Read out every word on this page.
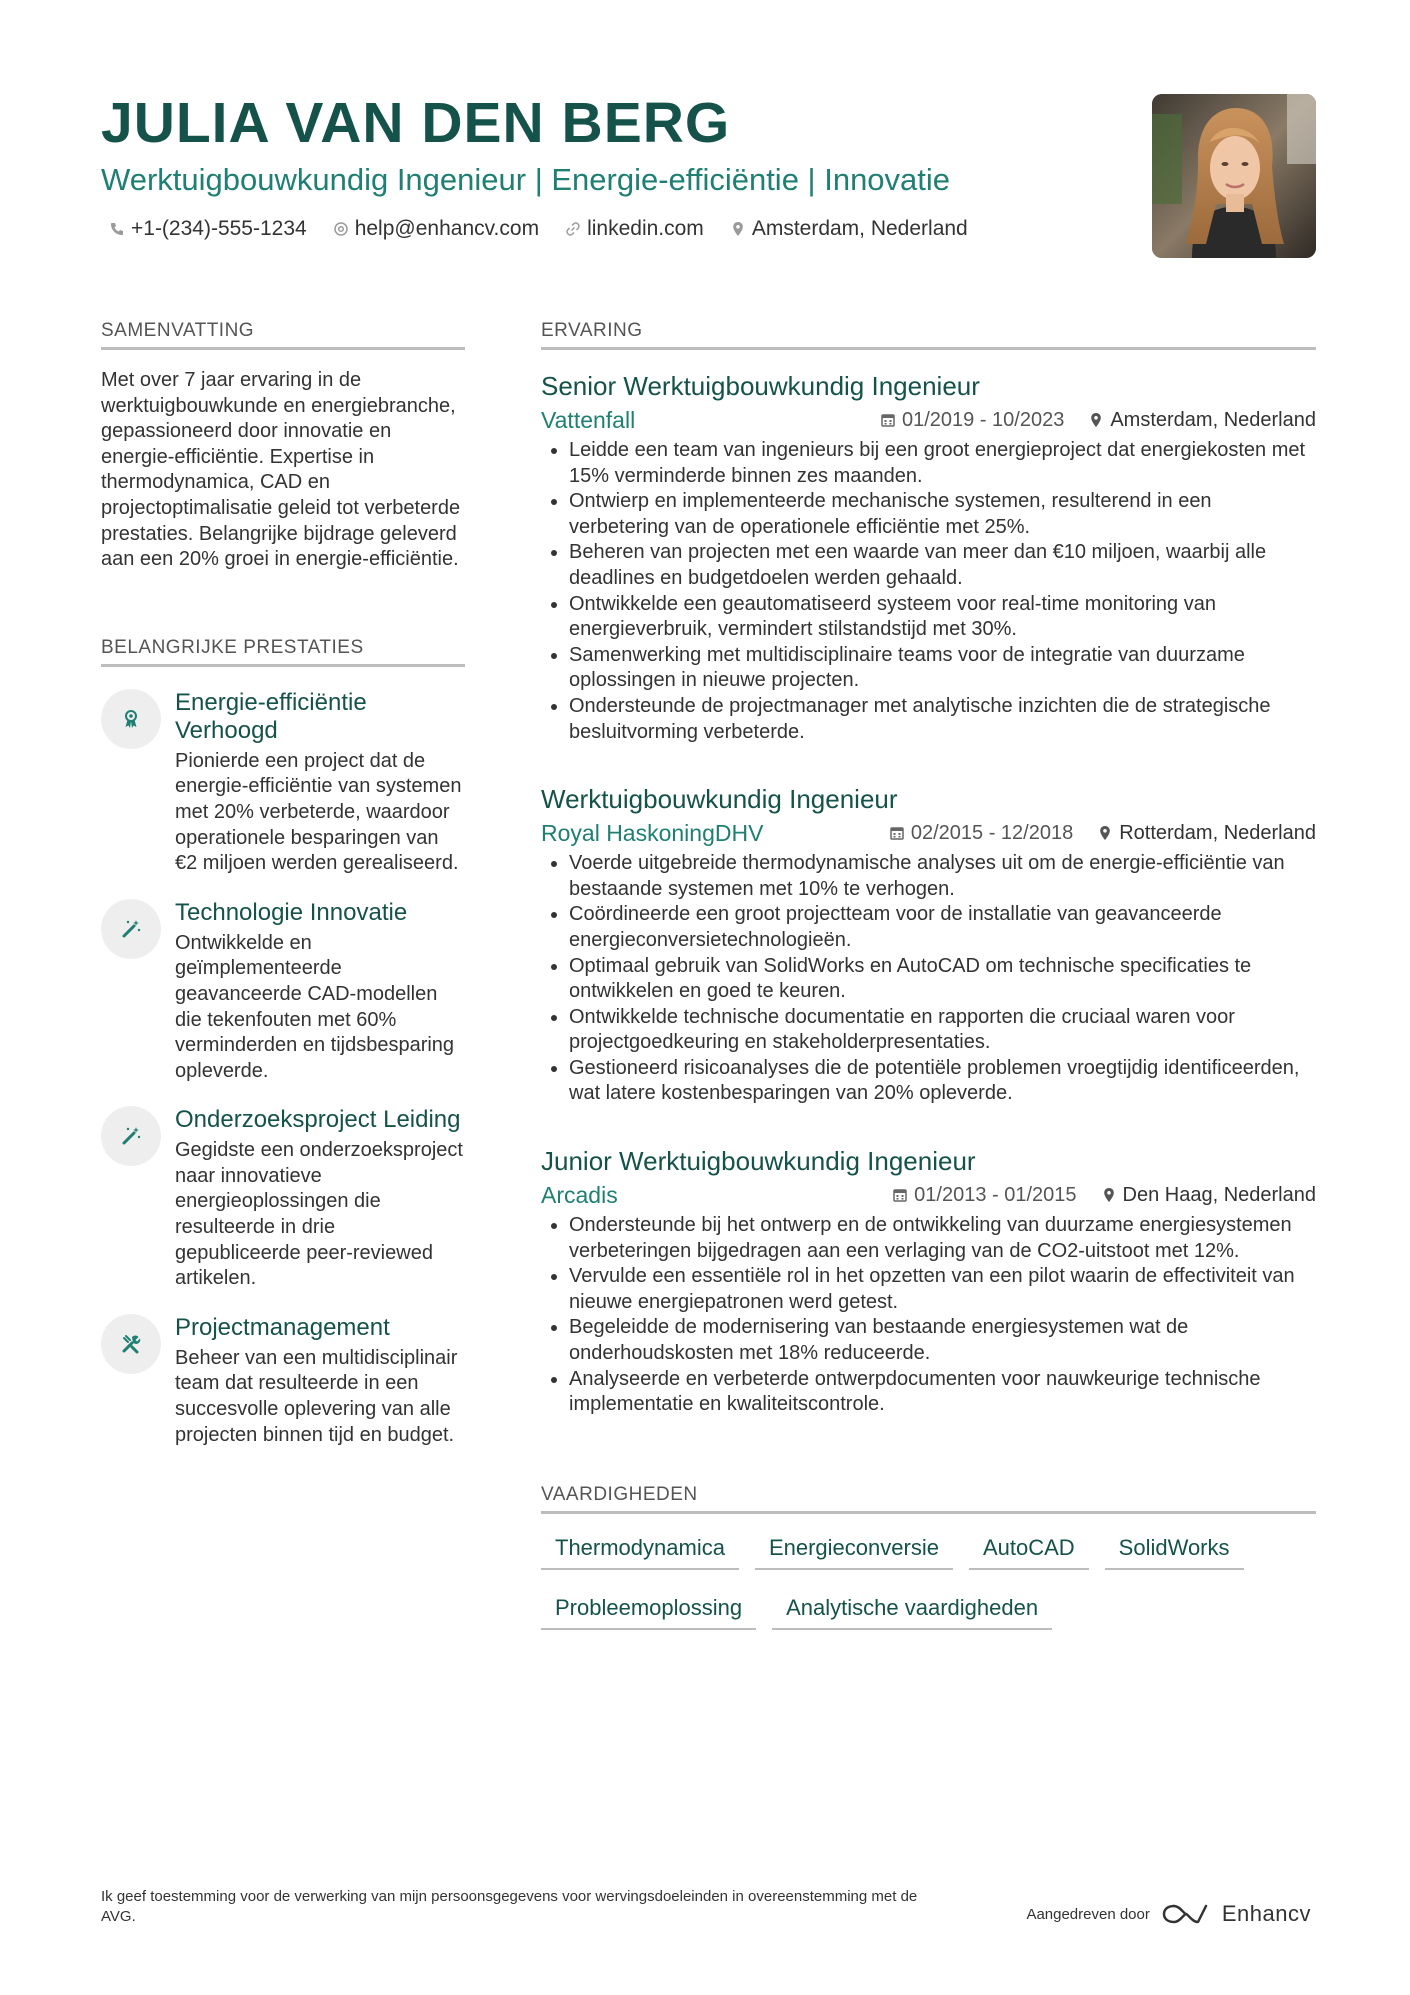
JULIA VAN DEN BERG
Werktuigbouwkundig Ingenieur | Energie-efficiëntie | Innovatie
+1-(234)-555-1234 help@enhancv.com linkedin.com Amsterdam, Nederland
SAMENVATTING
Met over 7 jaar ervaring in de werktuigbouwkunde en energiebranche, gepassioneerd door innovatie en energie-efficiëntie. Expertise in thermodynamica, CAD en projectoptimalisatie geleid tot verbeterde prestaties. Belangrijke bijdrage geleverd aan een 20% groei in energie-efficiëntie.
BELANGRIJKE PRESTATIES
Energie-efficiëntie Verhoogd
Pionierde een project dat de energie-efficiëntie van systemen met 20% verbeterde, waardoor operationele besparingen van €2 miljoen werden gerealiseerd.
Technologie Innovatie
Ontwikkelde en geïmplementeerde geavanceerde CAD-modellen die tekenfouten met 60% verminderden en tijdsbesparing opleverde.
Onderzoeksproject Leiding
Gegidste een onderzoeksproject naar innovatieve energieoplossingen die resulteerde in drie gepubliceerde peer-reviewed artikelen.
Projectmanagement
Beheer van een multidisciplinair team dat resulteerde in een succesvolle oplevering van alle projecten binnen tijd en budget.
ERVARING
Senior Werktuigbouwkundig Ingenieur
Vattenfall	01/2019 - 10/2023 Amsterdam, Nederland
• Leidde een team van ingenieurs bij een groot energieproject dat energiekosten met 15% verminderde binnen zes maanden.
• Ontwierp en implementeerde mechanische systemen, resulterend in een verbetering van de operationele efficiëntie met 25%.
• Beheren van projecten met een waarde van meer dan €10 miljoen, waarbij alle deadlines en budgetdoelen werden gehaald.
• Ontwikkelde een geautomatiseerd systeem voor real-time monitoring van energieverbruik, vermindert stilstandstijd met 30%.
• Samenwerking met multidisciplinaire teams voor de integratie van duurzame oplossingen in nieuwe projecten.
• Ondersteunde de projectmanager met analytische inzichten die de strategische besluitvorming verbeterde.
Werktuigbouwkundig Ingenieur
Royal HaskoningDHV	02/2015 - 12/2018 Rotterdam, Nederland
• Voerde uitgebreide thermodynamische analyses uit om de energie-efficiëntie van bestaande systemen met 10% te verhogen.
• Coördineerde een groot projectteam voor de installatie van geavanceerde energieconversietechnologieën.
• Optimaal gebruik van SolidWorks en AutoCAD om technische specificaties te ontwikkelen en goed te keuren.
• Ontwikkelde technische documentatie en rapporten die cruciaal waren voor projectgoedkeuring en stakeholderpresentaties.
• Gestioneerd risicoanalyses die de potentiële problemen vroegtijdig identificeerden, wat latere kostenbesparingen van 20% opleverde.
Junior Werktuigbouwkundig Ingenieur
Arcadis	01/2013 - 01/2015 Den Haag, Nederland
• Ondersteunde bij het ontwerp en de ontwikkeling van duurzame energiesystemen verbeteringen bijgedragen aan een verlaging van de CO2-uitstoot met 12%.
• Vervulde een essentiële rol in het opzetten van een pilot waarin de effectiviteit van nieuwe energiepatronen werd getest.
• Begeleidde de modernisering van bestaande energiesystemen wat de onderhoudskosten met 18% reduceerde.
• Analyseerde en verbeterde ontwerpdocumenten voor nauwkeurige technische implementatie en kwaliteitscontrole.
VAARDIGHEDEN
Thermodynamica	Energieconversie	AutoCAD	SolidWorks
Probleemoplossing	Analytische vaardigheden
Ik geef toestemming voor de verwerking van mijn persoonsgegevens voor wervingsdoeleinden in overeenstemming met de AVG.	Aangedreven door	Enhancv
